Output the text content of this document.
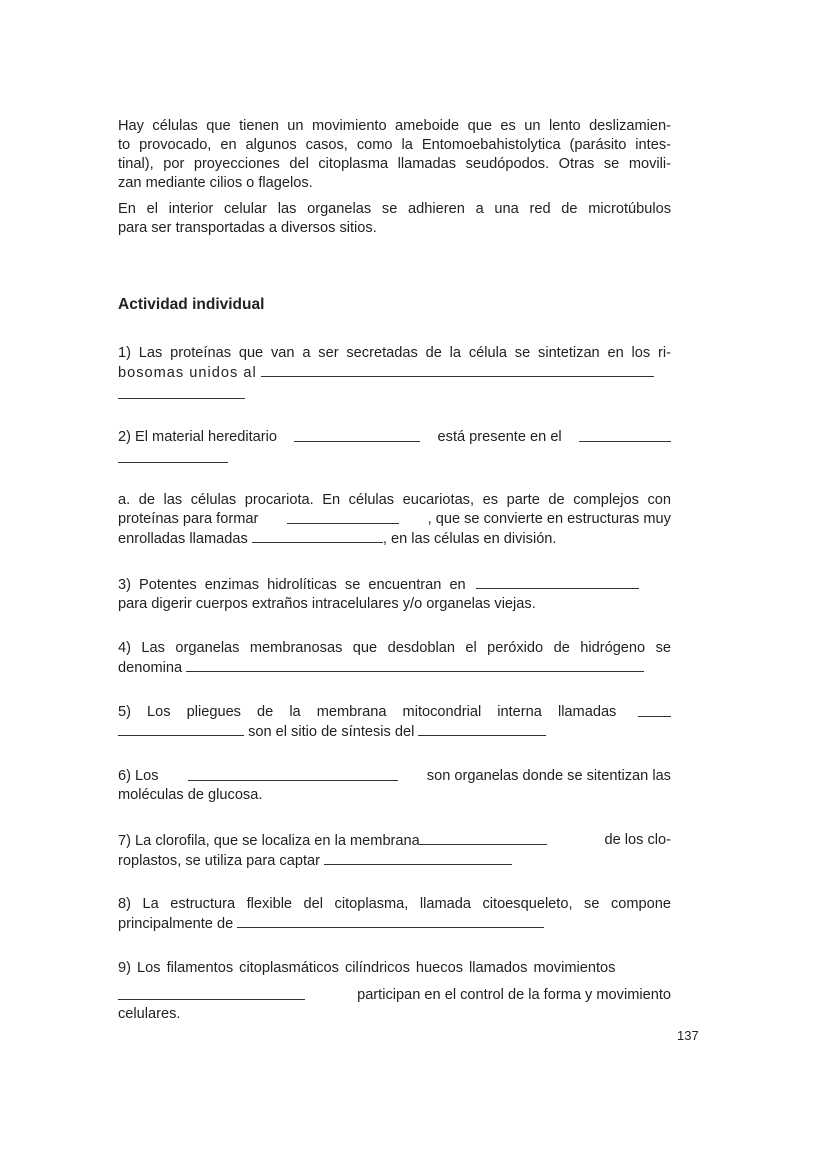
Hay células que tienen un movimiento ameboide que es un lento deslizamien-
to provocado, en algunos casos, como la Entomoebahistolytica (parásito intes-
tinal), por proyecciones del citoplasma llamadas seudópodos. Otras se movili-
zan mediante cilios o flagelos.
En el interior celular las organelas se adhieren a una red de microtúbulos
para ser transportadas a diversos sitios.
Actividad individual
1) Las proteínas que van a ser secretadas de la célula se sintetizan en los ri-
bosomas unidos al
2) El material hereditario	está presente en el
a. de las células procariota. En células eucariotas, es parte de complejos con
proteínas para formar	, que se convierte en estructuras muy
enrolladas llamadas	, en las células en división.
3) Potentes enzimas hidrolíticas se encuentran en
para digerir cuerpos extraños intracelulares y/o organelas viejas.
4) Las organelas membranosas que desdoblan el peróxido de hidrógeno se
denomina
5) Los pliegues de la membrana mitocondrial interna llamadas
son el sitio de síntesis del
6) Los	son organelas donde se sitentizan las
moléculas de glucosa.
7) La clorofila, que se localiza en la membrana	de los clo-
roplastos, se utiliza para captar
8) La estructura flexible del citoplasma, llamada citoesqueleto, se compone
principalmente de
9) Los filamentos citoplasmáticos cilíndricos huecos llamados movimientos
participan en el control de la forma y movimiento
celulares.
137
